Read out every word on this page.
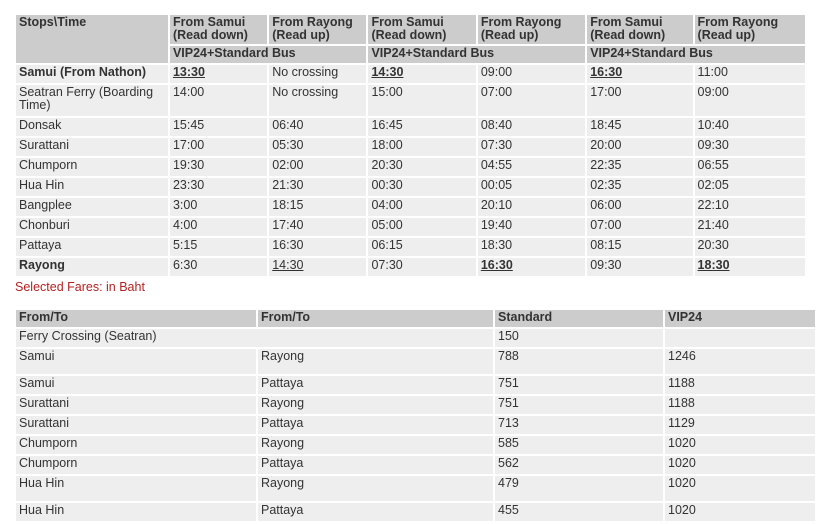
Stops\Time	From Samui (Read down)	From Rayong (Read up)	From Samui (Read down)	From Rayong (Read up)	From Samui (Read down)	From Rayong (Read up)
	VIP24+Standard Bus		VIP24+Standard Bus		VIP24+Standard Bus	
Samui (From Nathon)	13:30	No crossing	14:30	09:00	16:30	11:00
Seatran Ferry (Boarding Time)	14:00	No crossing	15:00	07:00	17:00	09:00
Donsak	15:45	06:40	16:45	08:40	18:45	10:40
Surattani	17:00	05:30	18:00	07:30	20:00	09:30
Chumporn	19:30	02:00	20:30	04:55	22:35	06:55
Hua Hin	23:30	21:30	00:30	00:05	02:35	02:05
Bangplee	3:00	18:15	04:00	20:10	06:00	22:10
Chonburi	4:00	17:40	05:00	19:40	07:00	21:40
Pattaya	5:15	16:30	06:15	18:30	08:15	20:30
Rayong	6:30	14:30	07:30	16:30	09:30	18:30

Selected Fares: in Baht

From/To	From/To	Standard	VIP24
Ferry Crossing (Seatran)		150	
Samui	Rayong	788	1246
Samui	Pattaya	751	1188
Surattani	Rayong	751	1188
Surattani	Pattaya	713	1129
Chumporn	Rayong	585	1020
Chumporn	Pattaya	562	1020
Hua Hin	Rayong	479	1020
Hua Hin	Pattaya	455	1020
